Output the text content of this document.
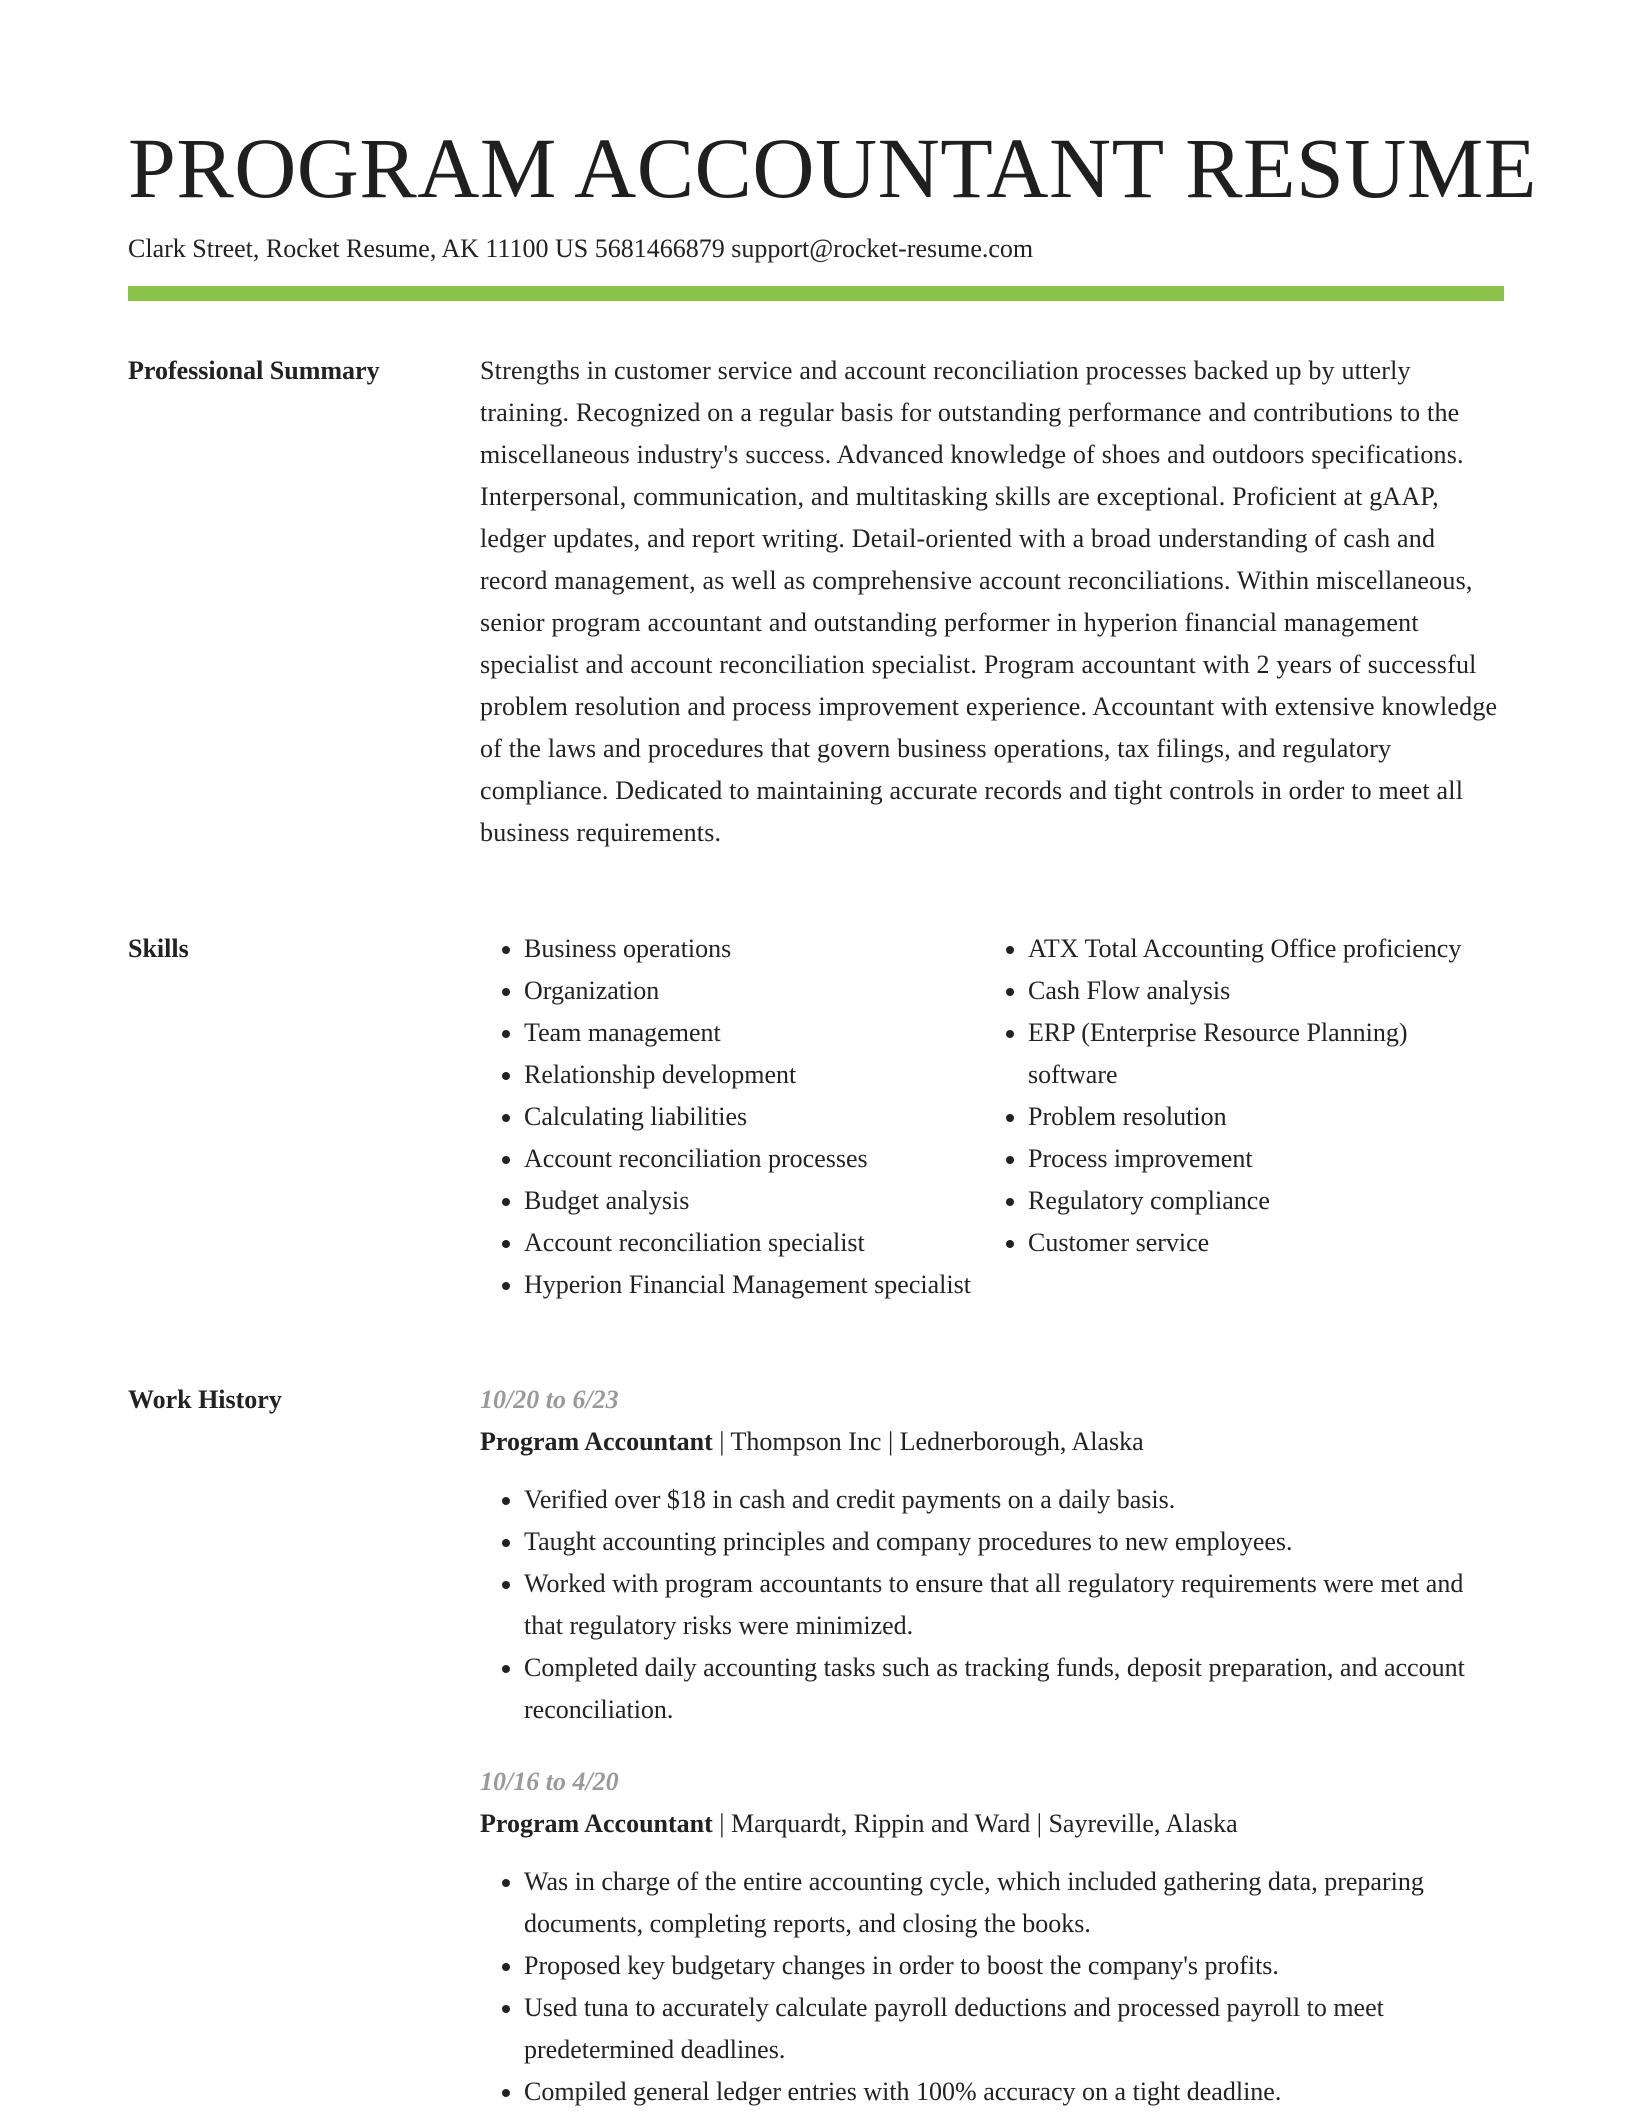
PROGRAM ACCOUNTANT RESUME
Clark Street, Rocket Resume, AK 11100 US 5681466879 support@rocket-resume.com
Professional Summary	Strengths in customer service and account reconciliation processes backed up by utterly training. Recognized on a regular basis for outstanding performance and contributions to the miscellaneous industry's success. Advanced knowledge of shoes and outdoors specifications. Interpersonal, communication, and multitasking skills are exceptional. Proficient at gAAP, ledger updates, and report writing. Detail-oriented with a broad understanding of cash and record management, as well as comprehensive account reconciliations. Within miscellaneous, senior program accountant and outstanding performer in hyperion financial management specialist and account reconciliation specialist. Program accountant with 2 years of successful problem resolution and process improvement experience. Accountant with extensive knowledge of the laws and procedures that govern business operations, tax filings, and regulatory compliance. Dedicated to maintaining accurate records and tight controls in order to meet all business requirements.

Skills
•	Business operations
• Organization
• Team management
• Relationship development
• Calculating liabilities
• Account reconciliation processes
• Budget analysis
• Account reconciliation specialist
• Hyperion Financial Management specialist
• ATX Total Accounting Office proficiency
• Cash Flow analysis
• ERP (Enterprise Resource Planning) software
• Problem resolution
• Process improvement
• Regulatory compliance
• Customer service
Work History	10/20 to 6/23

Program Accountant | Thompson Inc | Lednerborough, Alaska

• Verified over $18 in cash and credit payments on a daily basis.
• Taught accounting principles and company procedures to new employees.
• Worked with program accountants to ensure that all regulatory requirements were met and that regulatory risks were minimized.
• Completed daily accounting tasks such as tracking funds, deposit preparation, and account reconciliation.

10/16 to 4/20

Program Accountant | Marquardt, Rippin and Ward | Sayreville, Alaska

• Was in charge of the entire accounting cycle, which included gathering data, preparing documents, completing reports, and closing the books.
• Proposed key budgetary changes in order to boost the company's profits.
• Used tuna to accurately calculate payroll deductions and processed payroll to meet predetermined deadlines.
• Compiled general ledger entries with 100% accuracy on a tight deadline.
